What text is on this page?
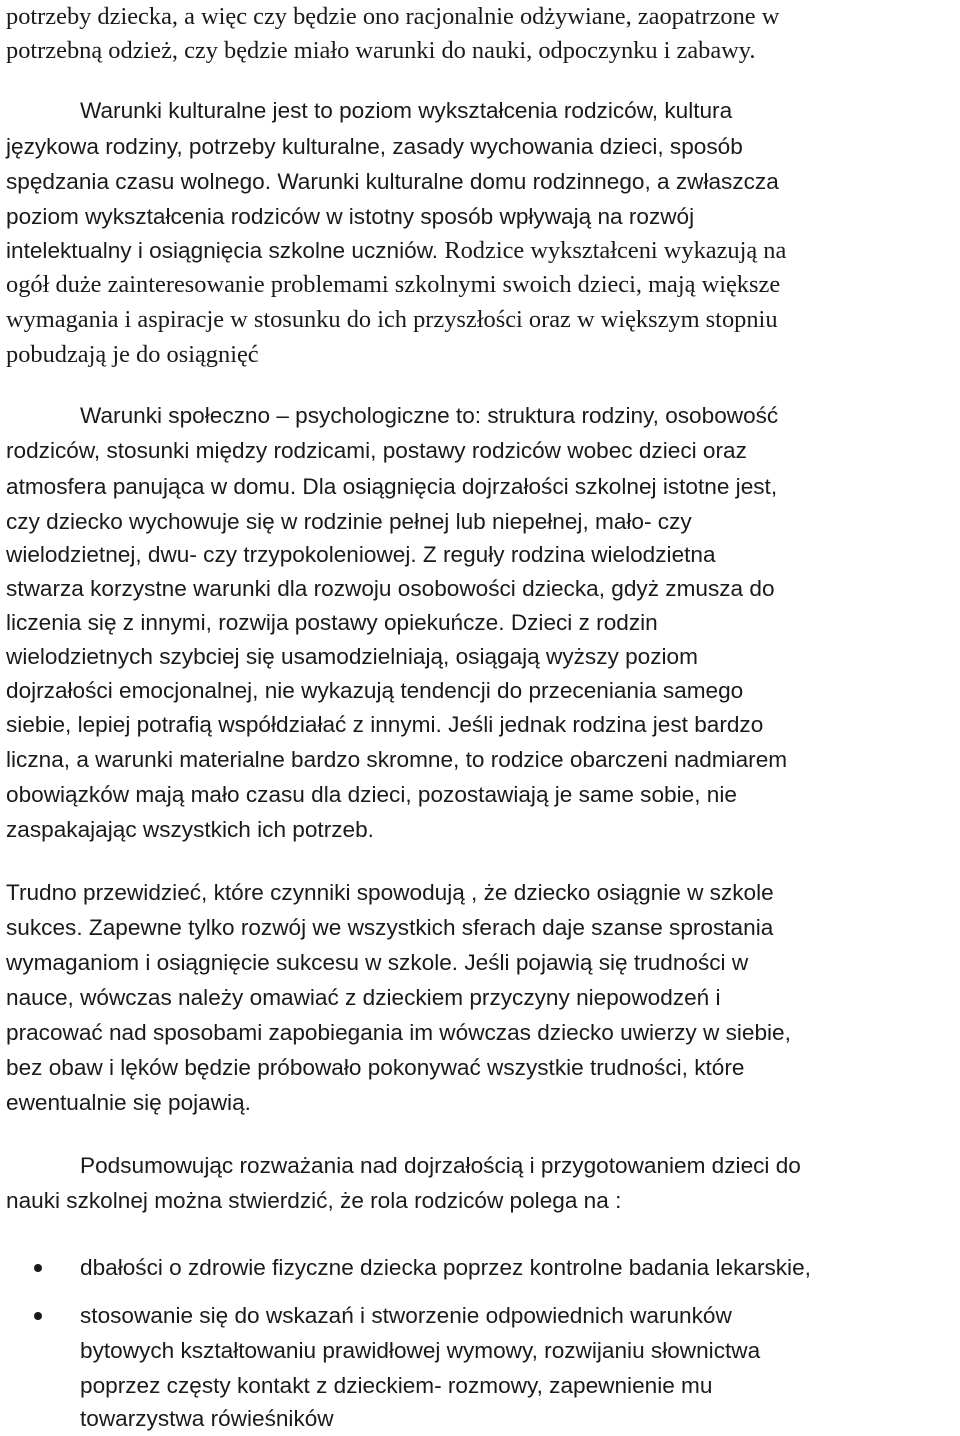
potrzeby dziecka, a więc czy będzie ono racjonalnie odżywiane, zaopatrzone w
potrzebną odzież, czy będzie miało warunki do nauki, odpoczynku i zabawy.
Warunki kulturalne jest to poziom wykształcenia rodziców, kultura
językowa rodziny, potrzeby kulturalne, zasady wychowania dzieci, sposób
spędzania czasu wolnego. Warunki kulturalne domu rodzinnego, a zwłaszcza
poziom wykształcenia rodziców w istotny sposób wpływają na rozwój
intelektualny i osiągnięcia szkolne uczniów. Rodzice wykształceni wykazują na
ogół duże zainteresowanie problemami szkolnymi swoich dzieci, mają większe
wymagania i aspiracje w stosunku do ich przyszłości oraz w większym stopniu
pobudzają je do osiągnięć
Warunki społeczno – psychologiczne to: struktura rodziny, osobowość
rodziców, stosunki między rodzicami, postawy rodziców wobec dzieci oraz
atmosfera panująca w domu. Dla osiągnięcia dojrzałości szkolnej istotne jest,
czy dziecko wychowuje się w rodzinie pełnej lub niepełnej, mało- czy
wielodzietnej, dwu- czy trzypokoleniowej. Z reguły rodzina wielodzietna
stwarza korzystne warunki dla rozwoju osobowości dziecka, gdyż zmusza do
liczenia się z innymi, rozwija postawy opiekuńcze. Dzieci z rodzin
wielodzietnych szybciej się usamodzielniają, osiągają wyższy poziom
dojrzałości emocjonalnej, nie wykazują tendencji do przeceniania samego
siebie, lepiej potrafią współdziałać z innymi. Jeśli jednak rodzina jest bardzo
liczna, a warunki materialne bardzo skromne, to rodzice obarczeni nadmiarem
obowiązków mają mało czasu dla dzieci, pozostawiają je same sobie, nie
zaspakajając wszystkich ich potrzeb.
Trudno przewidzieć, które czynniki spowodują , że dziecko osiągnie w szkole
sukces. Zapewne tylko rozwój we wszystkich sferach daje szanse sprostania
wymaganiom i osiągnięcie sukcesu w szkole. Jeśli pojawią się trudności w
nauce, wówczas należy omawiać z dzieckiem przyczyny niepowodzeń i
pracować nad sposobami zapobiegania im wówczas dziecko uwierzy w siebie,
bez obaw i lęków będzie próbowało pokonywać wszystkie trudności, które
ewentualnie się pojawią.
Podsumowując rozważania nad dojrzałością i przygotowaniem dzieci do
nauki szkolnej można stwierdzić, że rola rodziców polega na :
dbałości o zdrowie fizyczne dziecka poprzez kontrolne badania lekarskie,
stosowanie się do wskazań i stworzenie odpowiednich warunków
bytowych kształtowaniu prawidłowej wymowy, rozwijaniu słownictwa
poprzez częsty kontakt z dzieckiem- rozmowy, zapewnienie mu
towarzystwa rówieśników
